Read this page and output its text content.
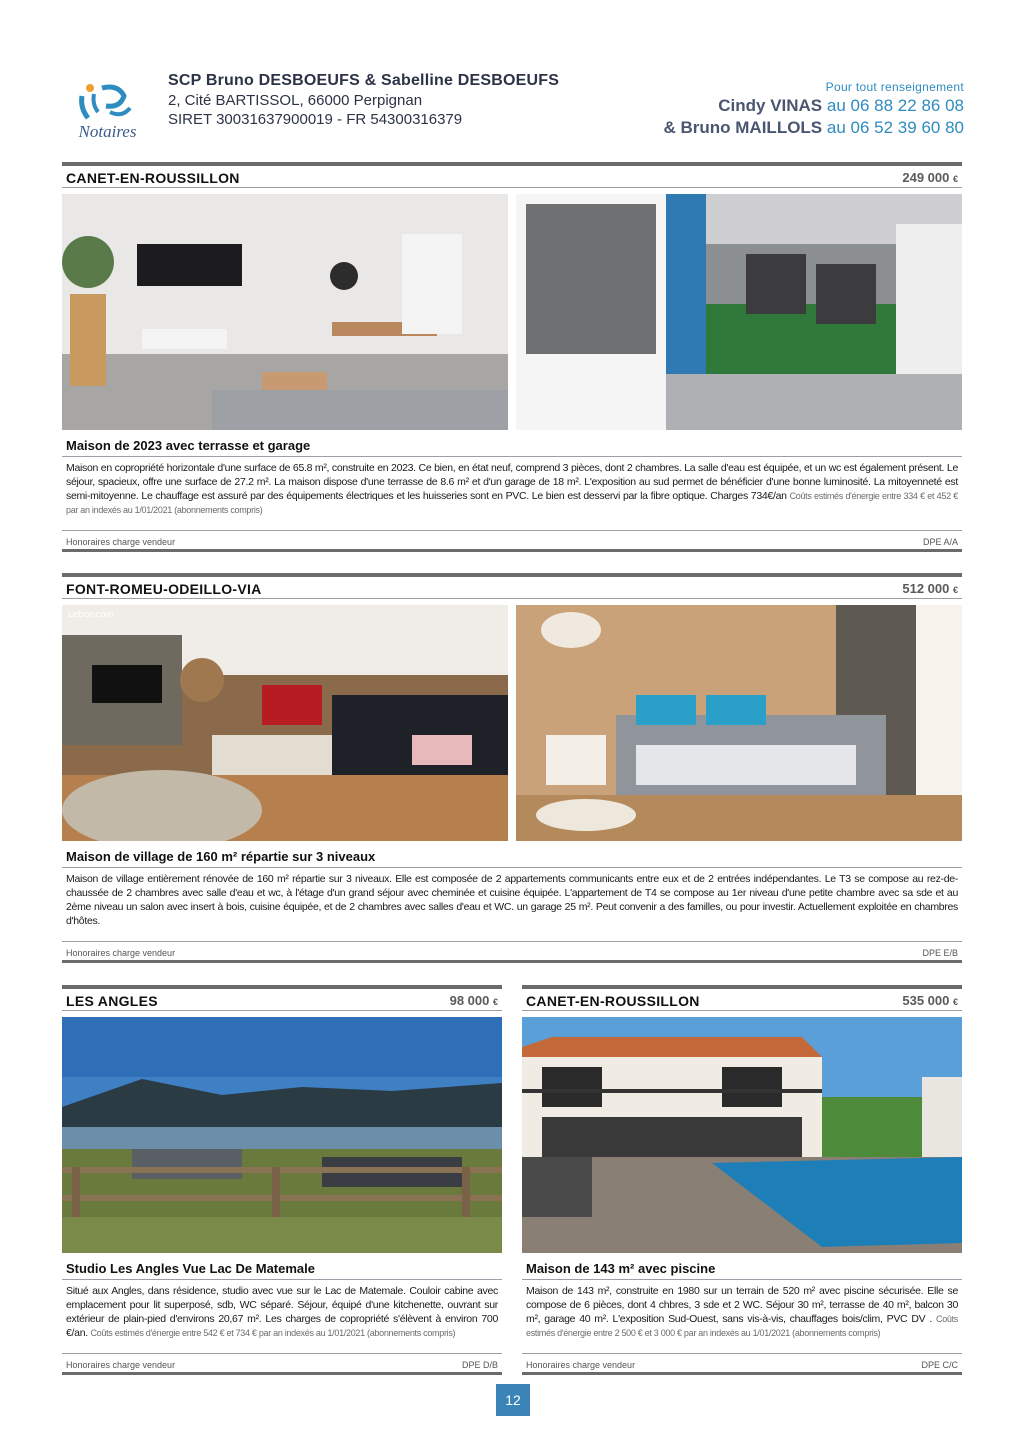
Notaires
SCP Bruno DESBOEUFS & Sabelline DESBOEUFS
2, Cité BARTISSOL, 66000 Perpignan
SIRET 30031637900019 - FR 54300316379
Pour tout renseignement
Cindy VINAS au 06 88 22 86 08
& Bruno MAILLOLS au 06 52 39 60 80
CANET-EN-ROUSSILLON	249 000 €
Maison de 2023 avec terrasse et garage
Maison en copropriété horizontale d'une surface de 65.8 m², construite en 2023. Ce bien, en état neuf, comprend 3 pièces, dont 2 chambres. La salle d'eau est équipée, et un wc est également présent. Le séjour, spacieux, offre une surface de 27.2 m². La maison dispose d'une terrasse de 8.6 m² et d'un garage de 18 m². L'exposition au sud permet de bénéficier d'une bonne luminosité. La mitoyenneté est semi-mitoyenne. Le chauffage est assuré par des équipements électriques et les huisseries sont en PVC. Le bien est desservi par la fibre optique. Charges 734€/an Coûts estimés d'énergie entre 334 € et 452 € par an indexés au 1/01/2021 (abonnements compris)
Honoraires charge vendeur	DPE A/A
FONT-ROMEU-ODEILLO-VIA	512 000 €
Leboncoin
Maison de village de 160 m² répartie sur 3 niveaux
Maison de village entièrement rénovée de 160 m² répartie sur 3 niveaux. Elle est composée de 2 appartements communicants entre eux et de 2 entrées indépendantes. Le T3 se compose au rez-de-chaussée de 2 chambres avec salle d'eau et wc, à l'étage d'un grand séjour avec cheminée et cuisine équipée. L'appartement de T4 se compose au 1er niveau d'une petite chambre avec sa sde et au 2ème niveau un salon avec insert à bois, cuisine équipée, et de 2 chambres avec salles d'eau et WC. un garage 25 m². Peut convenir a des familles, ou pour investir. Actuellement exploitée en chambres d'hôtes.
Honoraires charge vendeur	DPE E/B
LES ANGLES	98 000 €
Studio Les Angles Vue Lac De Matemale
Situé aux Angles, dans résidence, studio avec vue sur le Lac de Matemale. Couloir cabine avec emplacement pour lit superposé, sdb, WC séparé. Séjour, équipé d'une kitchenette, ouvrant sur extérieur de plain-pied d'environs 20,67 m². Les charges de copropriété s'élèvent à environ 700 €/an. Coûts estimés d'énergie entre 542 € et 734 € par an indexés au 1/01/2021 (abonnements compris)
Honoraires charge vendeur	DPE D/B
CANET-EN-ROUSSILLON	535 000 €
Maison de 143 m² avec piscine
Maison de 143 m², construite en 1980 sur un terrain de 520 m² avec piscine sécurisée. Elle se compose de 6 pièces, dont 4 chbres, 3 sde et 2 WC. Séjour 30 m², terrasse de 40 m², balcon 30 m², garage 40 m². L'exposition Sud-Ouest, sans vis-à-vis, chauffages bois/clim, PVC DV . Coûts estimés d'énergie entre 2 500 € et 3 000 € par an indexés au 1/01/2021 (abonnements compris)
Honoraires charge vendeur	DPE C/C
12
